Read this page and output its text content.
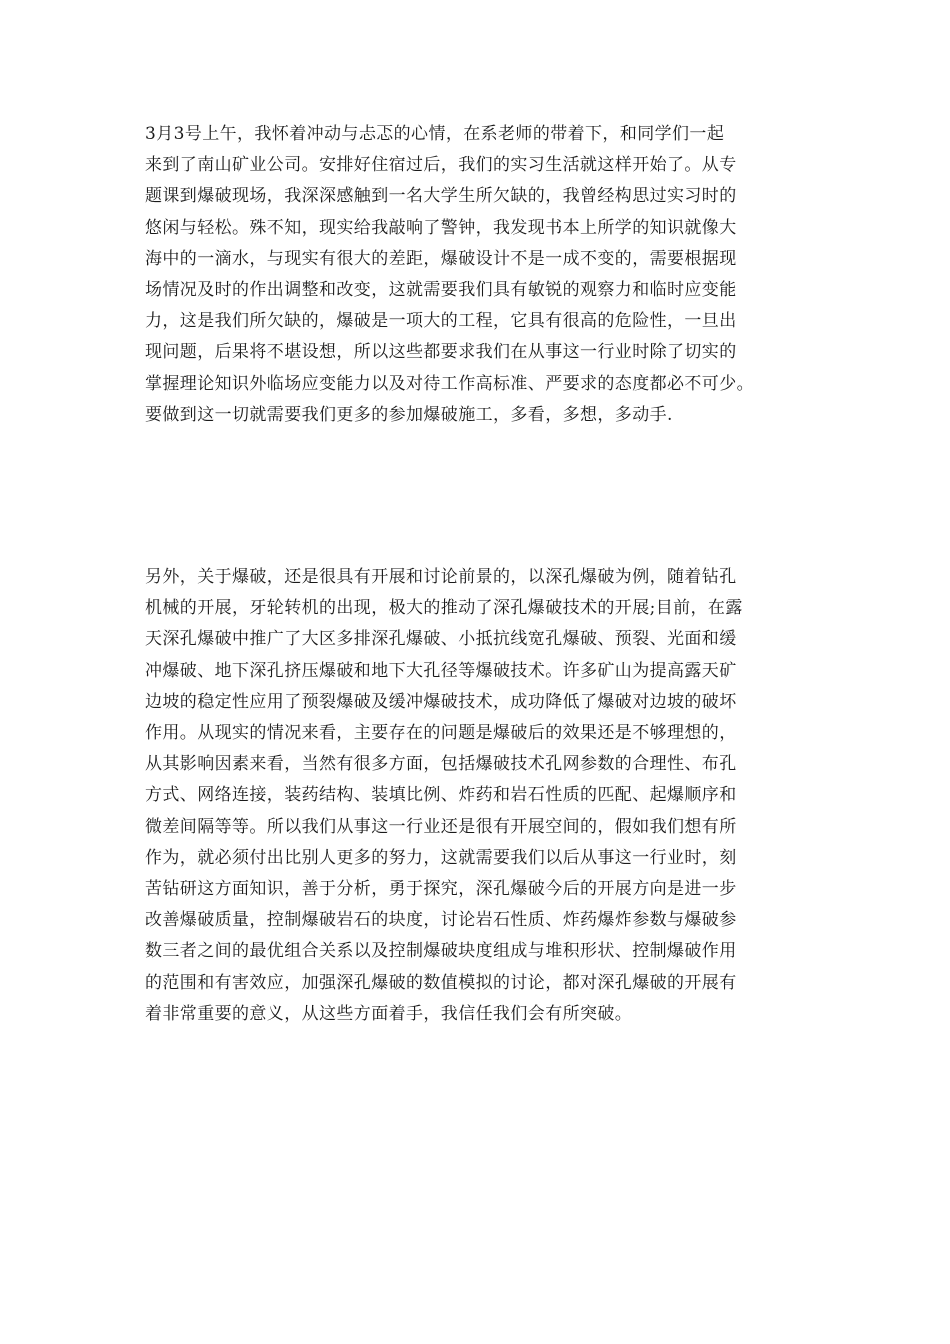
3月3号上午，我怀着冲动与忐忑的心情，在系老师的带着下，和同学们一起
来到了南山矿业公司。安排好住宿过后，我们的实习生活就这样开始了。从专
题课到爆破现场，我深深感触到一名大学生所欠缺的，我曾经构思过实习时的
悠闲与轻松。殊不知，现实给我敲响了警钟，我发现书本上所学的知识就像大
海中的一滴水，与现实有很大的差距，爆破设计不是一成不变的，需要根据现
场情况及时的作出调整和改变，这就需要我们具有敏锐的观察力和临时应变能
力，这是我们所欠缺的，爆破是一项大的工程，它具有很高的危险性，一旦出
现问题，后果将不堪设想，所以这些都要求我们在从事这一行业时除了切实的
掌握理论知识外临场应变能力以及对待工作高标准、严要求的态度都必不可少。
要做到这一切就需要我们更多的参加爆破施工，多看，多想，多动手.

另外，关于爆破，还是很具有开展和讨论前景的，以深孔爆破为例，随着钻孔
机械的开展，牙轮转机的出现，极大的推动了深孔爆破技术的开展;目前，在露
天深孔爆破中推广了大区多排深孔爆破、小抵抗线宽孔爆破、预裂、光面和缓
冲爆破、地下深孔挤压爆破和地下大孔径等爆破技术。许多矿山为提高露天矿
边坡的稳定性应用了预裂爆破及缓冲爆破技术，成功降低了爆破对边坡的破坏
作用。从现实的情况来看，主要存在的问题是爆破后的效果还是不够理想的，
从其影响因素来看，当然有很多方面，包括爆破技术孔网参数的合理性、布孔
方式、网络连接，装药结构、装填比例、炸药和岩石性质的匹配、起爆顺序和
微差间隔等等。所以我们从事这一行业还是很有开展空间的，假如我们想有所
作为，就必须付出比别人更多的努力，这就需要我们以后从事这一行业时，刻
苦钻研这方面知识，善于分析，勇于探究，深孔爆破今后的开展方向是进一步
改善爆破质量，控制爆破岩石的块度，讨论岩石性质、炸药爆炸参数与爆破参
数三者之间的最优组合关系以及控制爆破块度组成与堆积形状、控制爆破作用
的范围和有害效应，加强深孔爆破的数值模拟的讨论，都对深孔爆破的开展有
着非常重要的意义，从这些方面着手，我信任我们会有所突破。
